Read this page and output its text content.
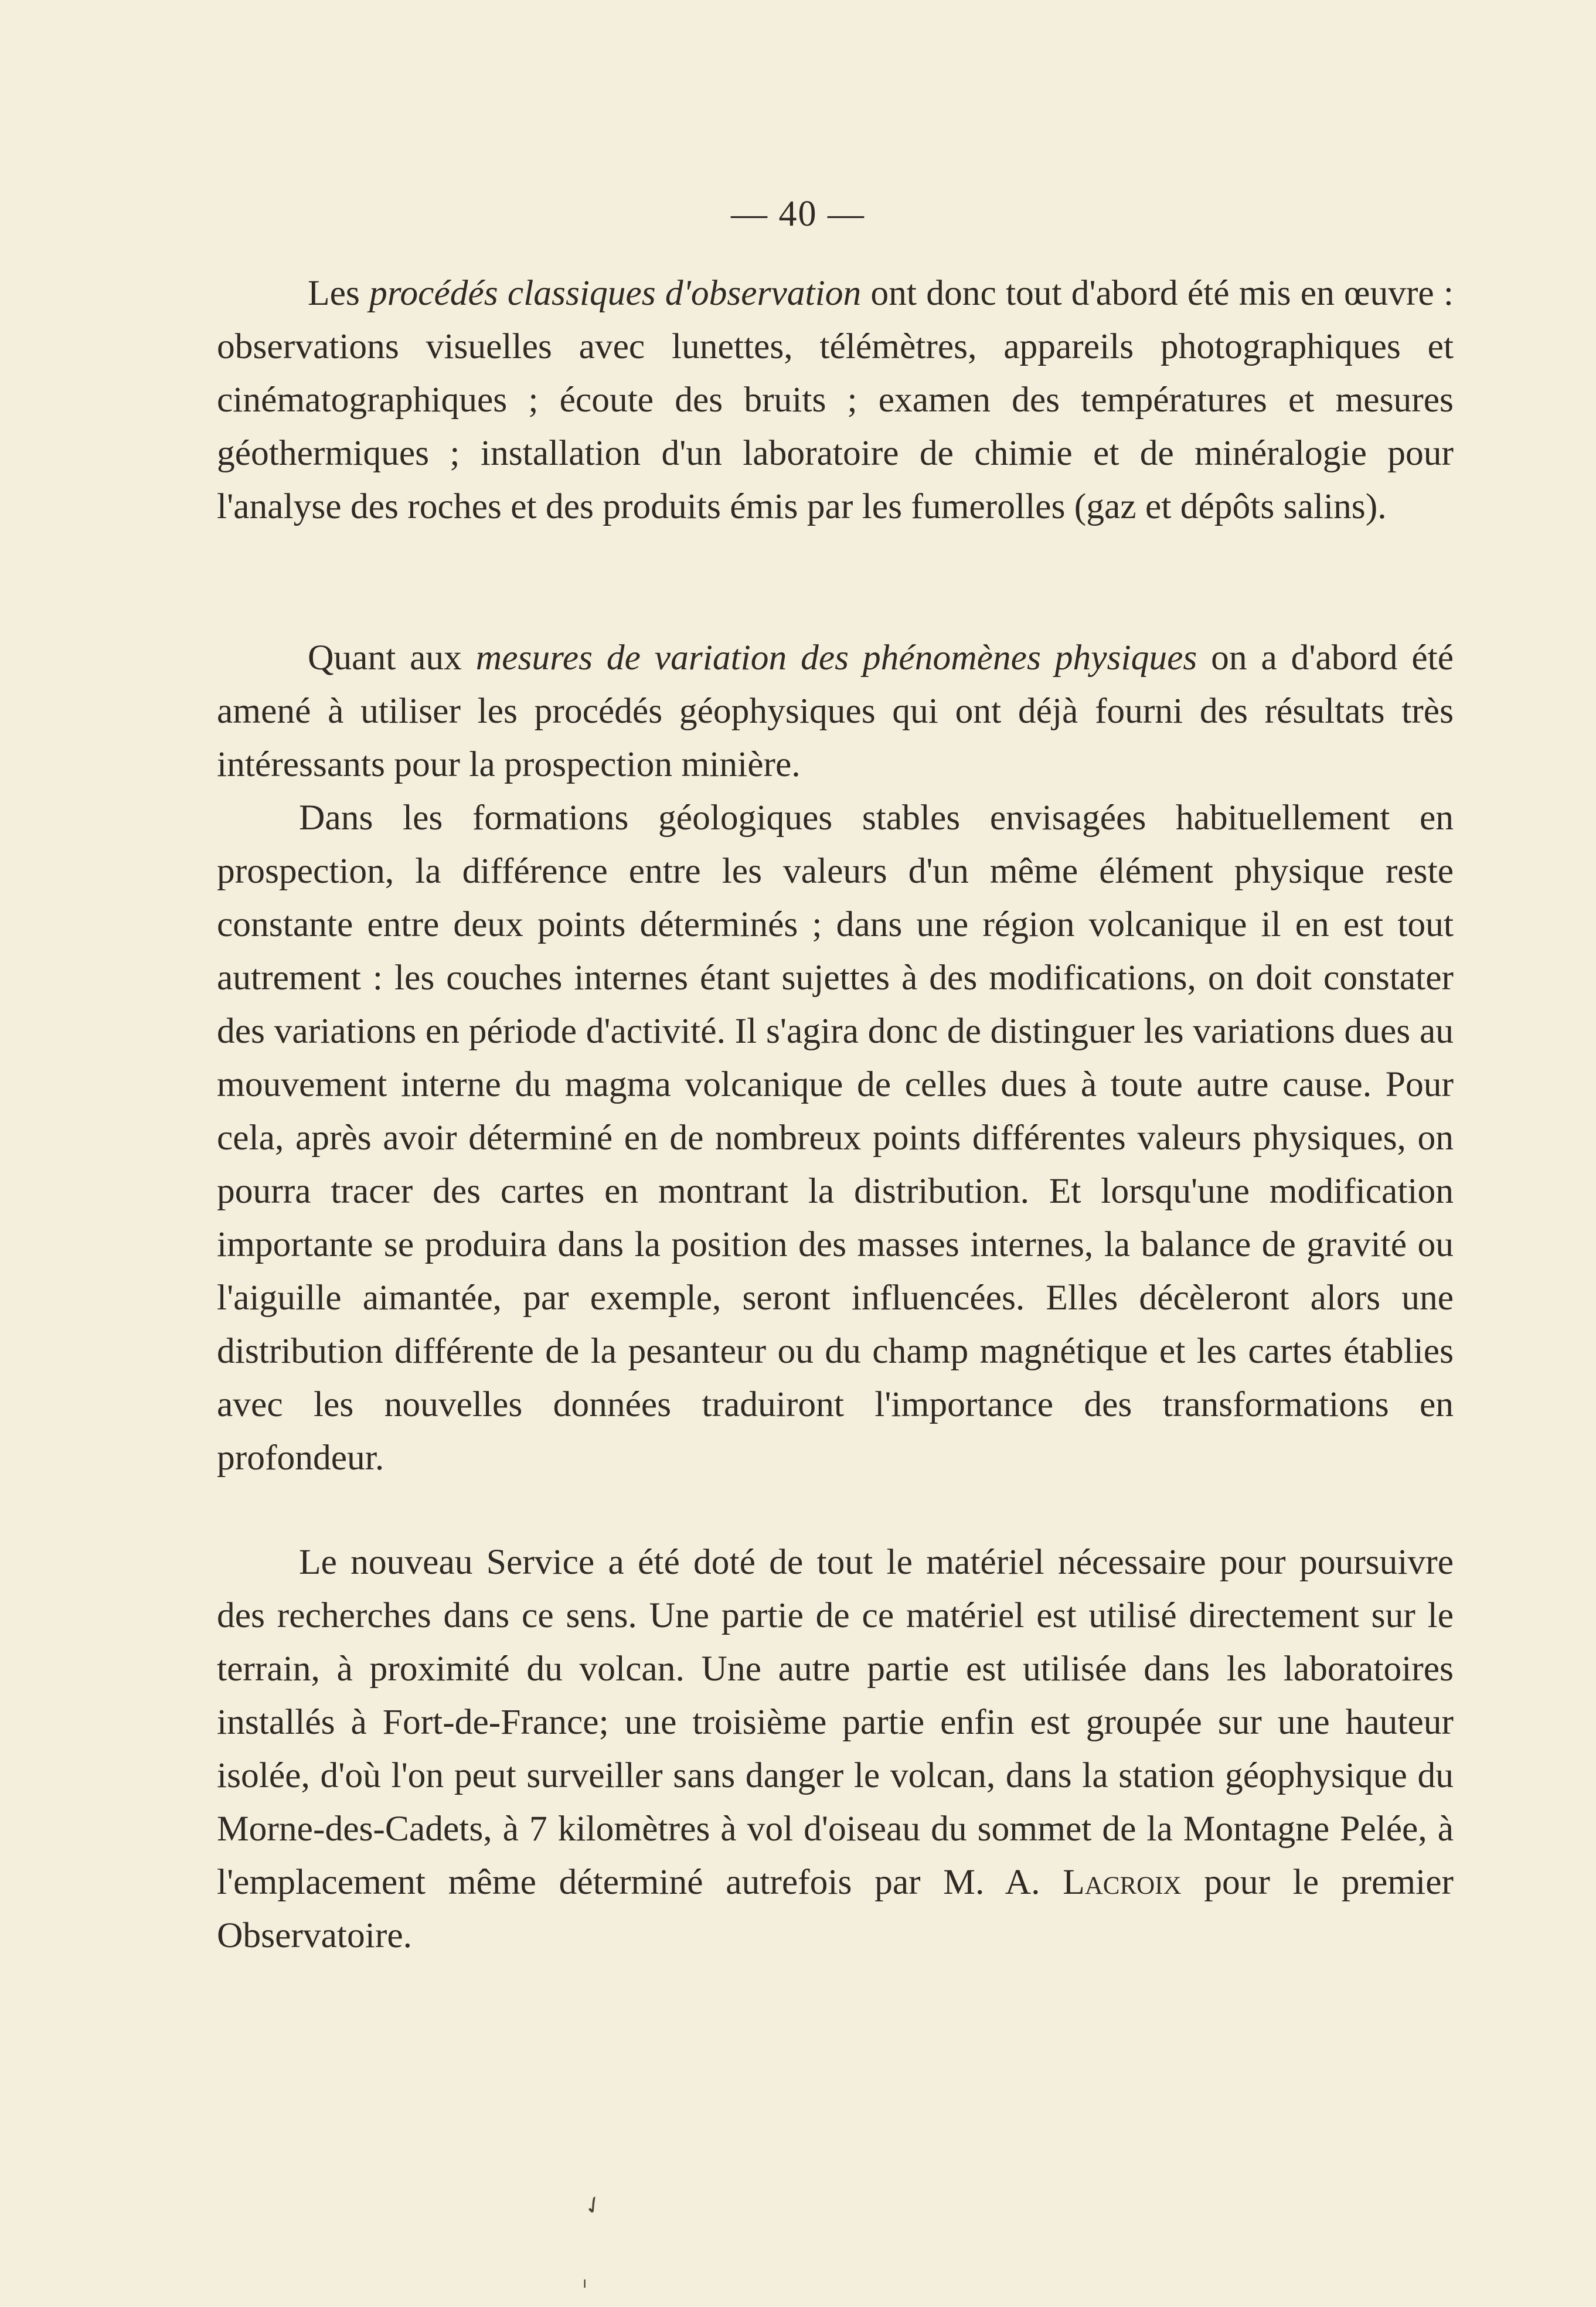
— 40 —

Les procédés classiques d'observation ont donc tout d'abord été mis en œuvre : observations visuelles avec lunettes, télémètres, appareils photographiques et cinématographiques ; écoute des bruits ; examen des températures et mesures géothermiques ; installation d'un laboratoire de chimie et de minéralogie pour l'analyse des roches et des produits émis par les fumerolles (gaz et dépôts salins).

Quant aux mesures de variation des phénomènes physiques on a d'abord été amené à utiliser les procédés géophysiques qui ont déjà fourni des résultats très intéressants pour la prospection minière.

Dans les formations géologiques stables envisagées habituellement en prospection, la différence entre les valeurs d'un même élément physique reste constante entre deux points déterminés ; dans une région volcanique il en est tout autrement : les couches internes étant sujettes à des modifications, on doit constater des variations en période d'activité. Il s'agira donc de distinguer les variations dues au mouvement interne du magma volcanique de celles dues à toute autre cause. Pour cela, après avoir déterminé en de nombreux points différentes valeurs physiques, on pourra tracer des cartes en montrant la distribution. Et lorsqu'une modification importante se produira dans la position des masses internes, la balance de gravité ou l'aiguille aimantée, par exemple, seront influencées. Elles décèleront alors une distribution différente de la pesanteur ou du champ magnétique et les cartes établies avec les nouvelles données traduiront l'importance des transformations en profondeur.

Le nouveau Service a été doté de tout le matériel nécessaire pour poursuivre des recherches dans ce sens. Une partie de ce matériel est utilisé directement sur le terrain, à proximité du volcan. Une autre partie est utilisée dans les laboratoires installés à Fort-de-France; une troisième partie enfin est groupée sur une hauteur isolée, d'où l'on peut surveiller sans danger le volcan, dans la station géophysique du Morne-des-Cadets, à 7 kilomètres à vol d'oiseau du sommet de la Montagne Pelée, à l'emplacement même déterminé autrefois par M. A. Lacroix pour le premier Observatoire.

✓
ı
